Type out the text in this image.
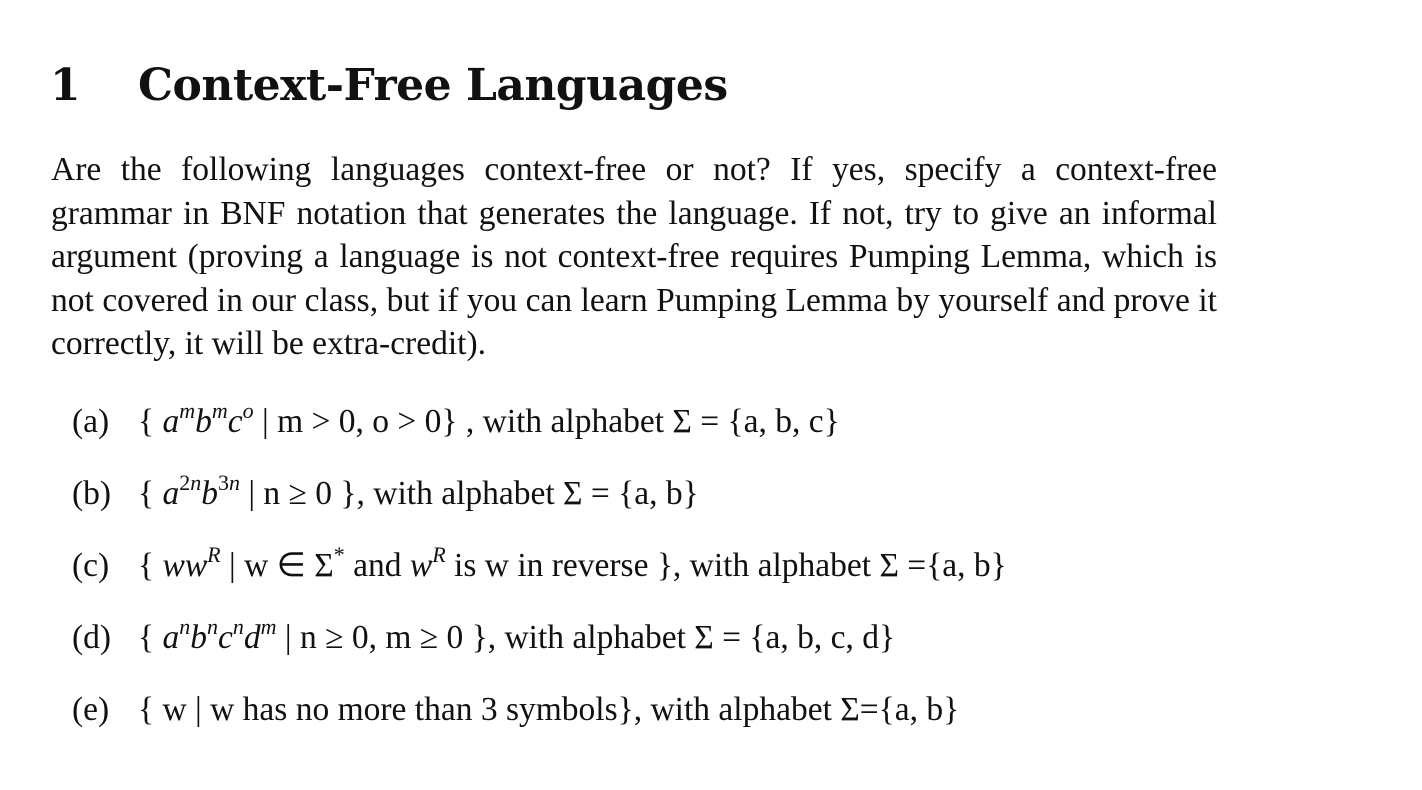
1 Context-Free Languages

Are the following languages context-free or not? If yes, specify a context-free grammar in BNF notation that generates the language. If not, try to give an informal argument (proving a language is not context-free requires Pumping Lemma, which is not covered in our class, but if you can learn Pumping Lemma by yourself and prove it correctly, it will be extra-credit).

(a) { $a^mb^mc^o$ | m > 0, o > 0} , with alphabet Σ = {a, b, c}
(b) { $a^{2n}b^{3n}$ | n ≥ 0 }, with alphabet Σ = {a, b}
(c) { $ww^R$ | w ∈ Σ* and $w^R$ is w in reverse }, with alphabet Σ ={a, b}
(d) { $a^nb^nc^nd^m$ | n ≥ 0, m ≥ 0 }, with alphabet Σ = {a, b, c, d}
(e) { w | w has no more than 3 symbols}, with alphabet Σ={a, b}
